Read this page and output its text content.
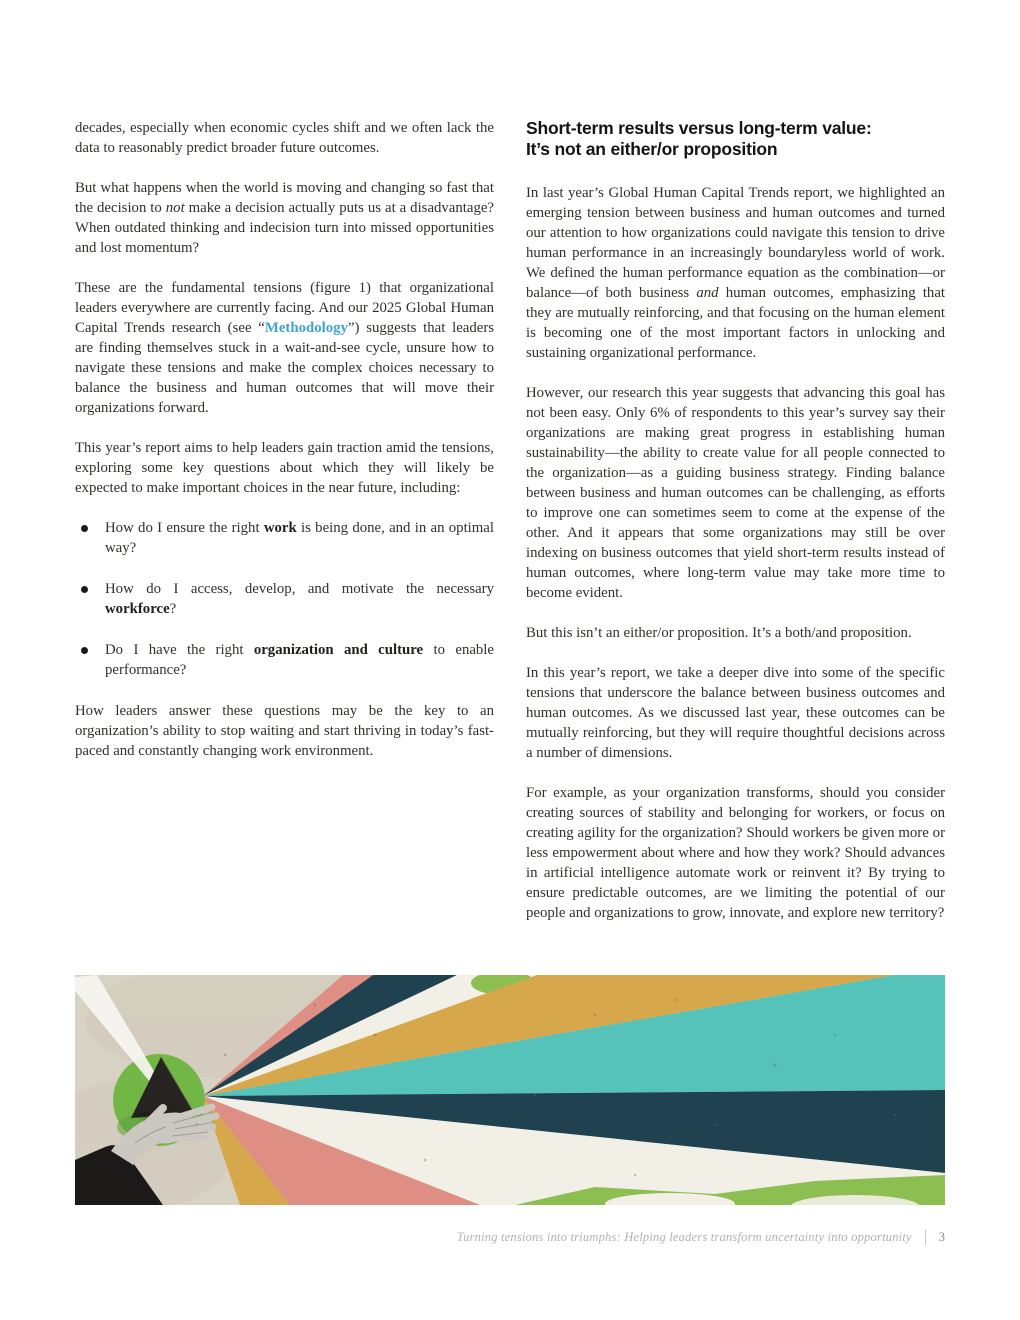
decades, especially when economic cycles shift and we often lack the data to reasonably predict broader future outcomes.

But what happens when the world is moving and changing so fast that the decision to not make a decision actually puts us at a disadvantage? When outdated thinking and indecision turn into missed opportunities and lost momentum?

These are the fundamental tensions (figure 1) that organizational leaders everywhere are currently facing. And our 2025 Global Human Capital Trends research (see “Methodology”) suggests that leaders are finding themselves stuck in a wait-and-see cycle, unsure how to navigate these tensions and make the complex choices necessary to balance the business and human outcomes that will move their organizations forward.

This year’s report aims to help leaders gain traction amid the tensions, exploring some key questions about which they will likely be expected to make important choices in the near future, including:

How do I ensure the right work is being done, and in an optimal way?
How do I access, develop, and motivate the necessary workforce?
Do I have the right organization and culture to enable performance?

How leaders answer these questions may be the key to an organization’s ability to stop waiting and start thriving in today’s fast-paced and constantly changing work environment.

Short-term results versus long-term value:
It’s not an either/or proposition

In last year’s Global Human Capital Trends report, we highlighted an emerging tension between business and human outcomes and turned our attention to how organizations could navigate this tension to drive human performance in an increasingly boundaryless world of work. We defined the human performance equation as the combination—or balance—of both business and human outcomes, emphasizing that they are mutually reinforcing, and that focusing on the human element is becoming one of the most important factors in unlocking and sustaining organizational performance.

However, our research this year suggests that advancing this goal has not been easy. Only 6% of respondents to this year’s survey say their organizations are making great progress in establishing human sustainability—the ability to create value for all people connected to the organization—as a guiding business strategy. Finding balance between business and human outcomes can be challenging, as efforts to improve one can sometimes seem to come at the expense of the other. And it appears that some organizations may still be over indexing on business outcomes that yield short-term results instead of human outcomes, where long-term value may take more time to become evident.

But this isn’t an either/or proposition. It’s a both/and proposition.

In this year’s report, we take a deeper dive into some of the specific tensions that underscore the balance between business outcomes and human outcomes. As we discussed last year, these outcomes can be mutually reinforcing, but they will require thoughtful decisions across a number of dimensions.

For example, as your organization transforms, should you consider creating sources of stability and belonging for workers, or focus on creating agility for the organization? Should workers be given more or less empowerment about where and how they work? Should advances in artificial intelligence automate work or reinvent it? By trying to ensure predictable outcomes, are we limiting the potential of our people and organizations to grow, innovate, and explore new territory?

Turning tensions into triumphs: Helping leaders transform uncertainty into opportunity 3
